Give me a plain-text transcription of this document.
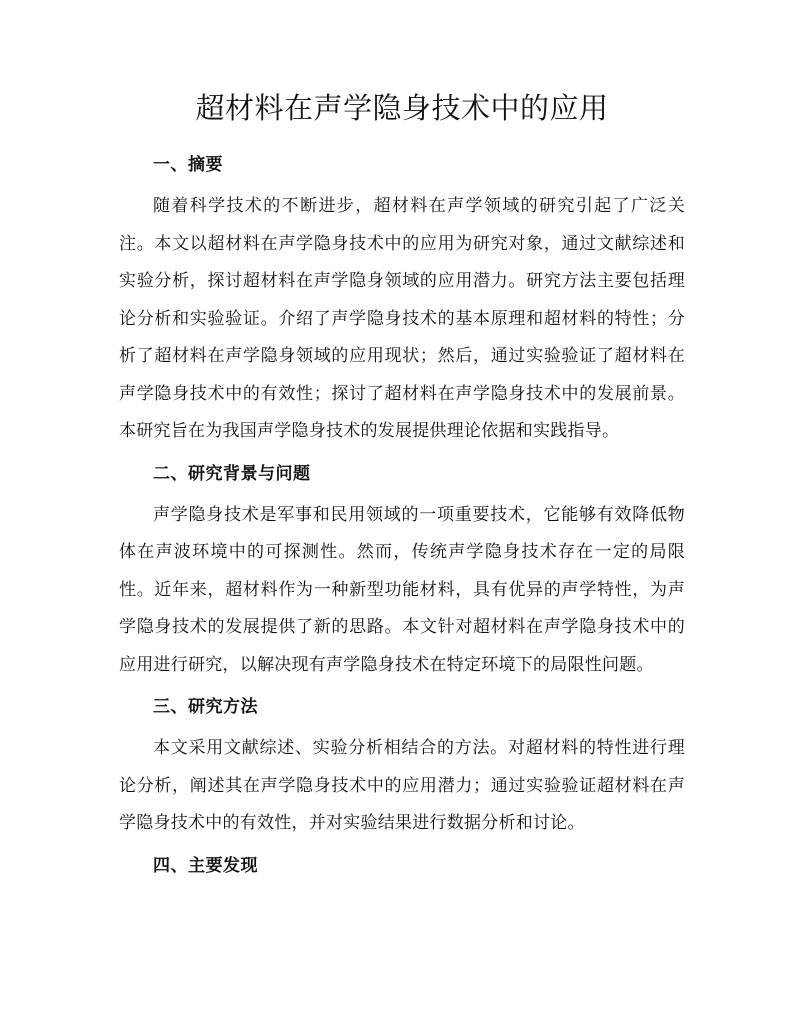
超材料在声学隐身技术中的应用
一、摘要

随着科学技术的不断进步，超材料在声学领域的研究引起了广泛关注。本文以超材料在声学隐身技术中的应用为研究对象，通过文献综述和实验分析，探讨超材料在声学隐身领域的应用潜力。研究方法主要包括理论分析和实验验证。介绍了声学隐身技术的基本原理和超材料的特性；分析了超材料在声学隐身领域的应用现状；然后，通过实验验证了超材料在声学隐身技术中的有效性；探讨了超材料在声学隐身技术中的发展前景。本研究旨在为我国声学隐身技术的发展提供理论依据和实践指导。

二、研究背景与问题

声学隐身技术是军事和民用领域的一项重要技术，它能够有效降低物体在声波环境中的可探测性。然而，传统声学隐身技术存在一定的局限性。近年来，超材料作为一种新型功能材料，具有优异的声学特性，为声学隐身技术的发展提供了新的思路。本文针对超材料在声学隐身技术中的应用进行研究，以解决现有声学隐身技术在特定环境下的局限性问题。

三、研究方法

本文采用文献综述、实验分析相结合的方法。对超材料的特性进行理论分析，阐述其在声学隐身技术中的应用潜力；通过实验验证超材料在声学隐身技术中的有效性，并对实验结果进行数据分析和讨论。

四、主要发现
